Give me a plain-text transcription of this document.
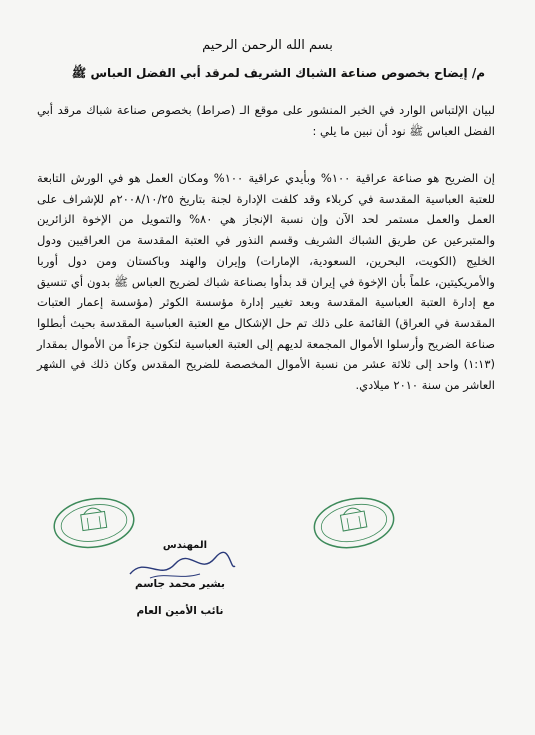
بسم الله الرحمن الرحيم
م/ إيضاح بخصوص صناعة الشباك الشريف لمرقد أبي الفضل العباس ﷺ

لبيان الإلتباس الوارد في الخبر المنشور على موقع الـ (صراط) بخصوص صناعة شباك مرقد أبي الفضل العباس ﷺ نود أن نبين ما يلي :

إن الضريح هو صناعة عراقية ١٠٠% وبأيدي عراقية ١٠٠% ومكان العمل هو في الورش التابعة للعتبة العباسية المقدسة في كربلاء وقد كلفت الإدارة لجنة بتاريخ ٢٠٠٨/١٠/٢٥م للإشراف على العمل والعمل مستمر لحد الآن وإن نسبة الإنجاز هي ٨٠% والتمويل من الإخوة الزائرين والمتبرعين عن طريق الشباك الشريف وقسم النذور في العتبة المقدسة من العراقيين ودول الخليج (الكويت، البحرين، السعودية، الإمارات) وإيران والهند وباكستان ومن دول أوربا والأمريكيتين، علماً بأن الإخوة في إيران قد بدأوا بصناعة شباك لضريح العباس ﷺ بدون أي تنسيق مع إدارة العتبة العباسية المقدسة وبعد تغيير إدارة مؤسسة الكوثر (مؤسسة إعمار العتبات المقدسة في العراق) القائمة على ذلك تم حل الإشكال مع العتبة العباسية المقدسة بحيث أبطلوا صناعة الضريح وأرسلوا الأموال المجمعة لديهم إلى العتبة العباسية لتكون جزءاً من الأموال بمقدار (١:١٣) واحد إلى ثلاثة عشر من نسبة الأموال المخصصة للضريح المقدس وكان ذلك في الشهر العاشر من سنة ٢٠١٠ ميلادي.

المهندس
بشير محمد جاسم
نائب الأمين العام
